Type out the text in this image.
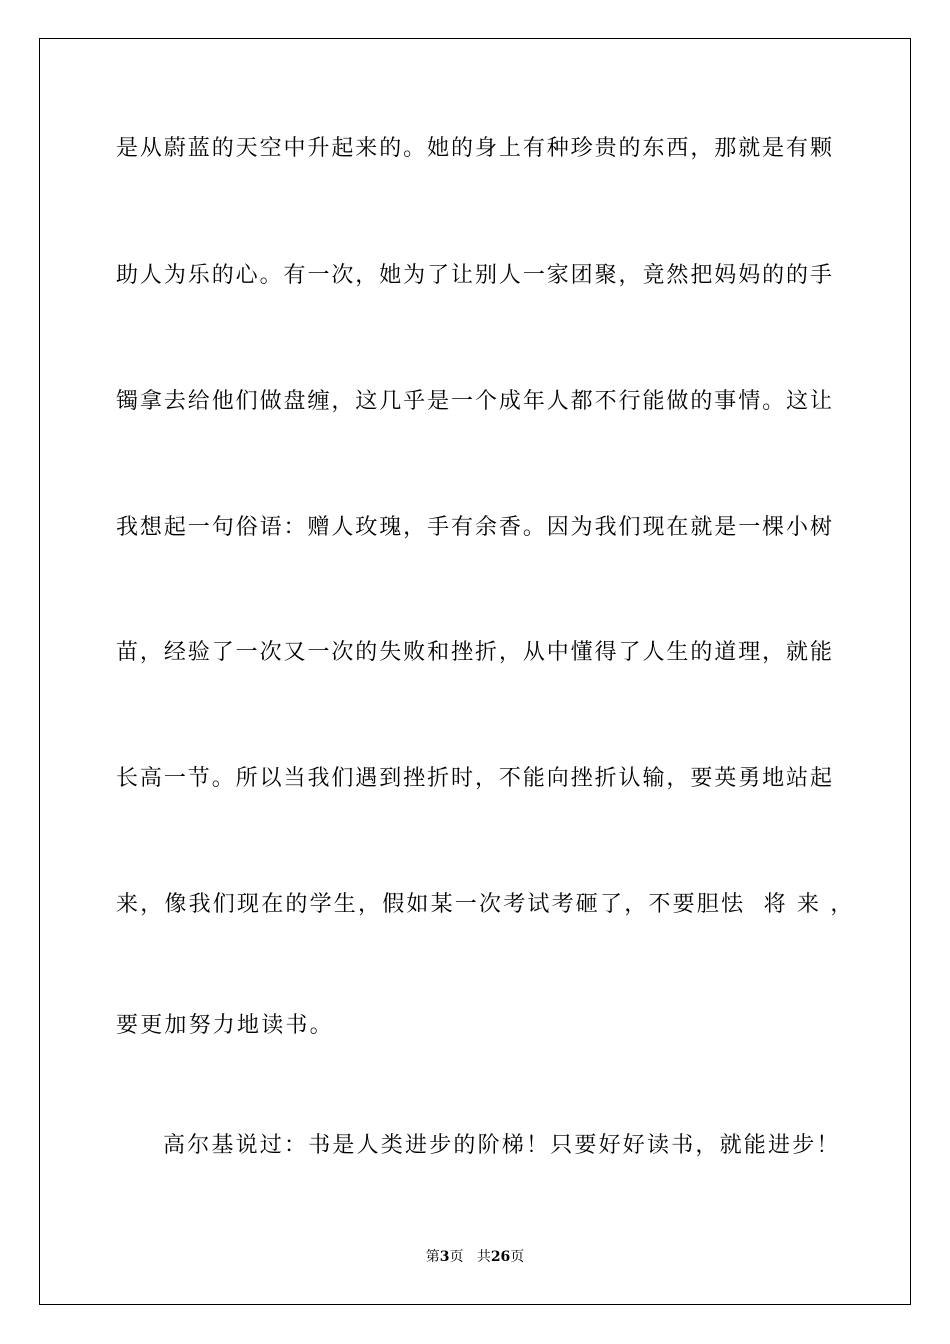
是从蔚蓝的天空中升起来的。她的身上有种珍贵的东西，那就是有颗
助人为乐的心。有一次，她为了让别人一家团聚，竟然把妈妈的的手
镯拿去给他们做盘缠，这几乎是一个成年人都不行能做的事情。这让
我想起一句俗语：赠人玫瑰，手有余香。因为我们现在就是一棵小树
苗，经验了一次又一次的失败和挫折，从中懂得了人生的道理，就能
长高一节。所以当我们遇到挫折时，不能向挫折认输，要英勇地站起
来，像我们现在的学生，假如某一次考试考砸了，不要胆怯  将 来 ，
要更加努力地读书。
高尔基说过：书是人类进步的阶梯！只要好好读书，就能进步！
第3页 共26页
